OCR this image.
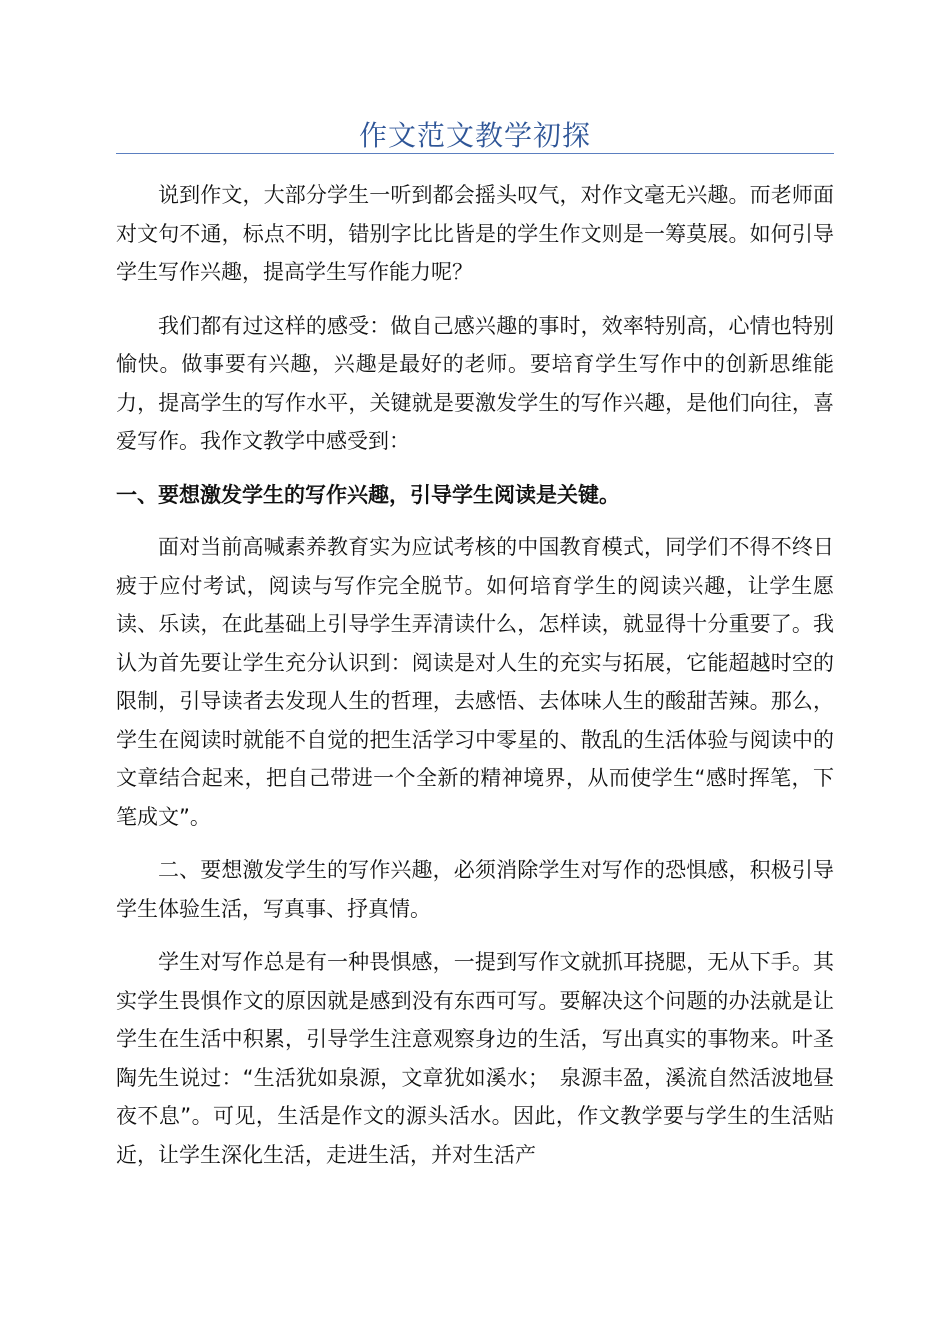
作文范文教学初探

说到作文，大部分学生一听到都会摇头叹气，对作文毫无兴趣。而老师面对文句不通，标点不明，错别字比比皆是的学生作文则是一筹莫展。如何引导学生写作兴趣，提高学生写作能力呢？

我们都有过这样的感受：做自己感兴趣的事时，效率特别高，心情也特别愉快。做事要有兴趣，兴趣是最好的老师。要培育学生写作中的创新思维能力，提高学生的写作水平，关键就是要激发学生的写作兴趣，是他们向往，喜爱写作。我作文教学中感受到：

一、要想激发学生的写作兴趣，引导学生阅读是关键。

面对当前高喊素养教育实为应试考核的中国教育模式，同学们不得不终日疲于应付考试，阅读与写作完全脱节。如何培育学生的阅读兴趣，让学生愿读、乐读，在此基础上引导学生弄清读什么，怎样读，就显得十分重要了。我认为首先要让学生充分认识到：阅读是对人生的充实与拓展，它能超越时空的限制，引导读者去发现人生的哲理，去感悟、去体味人生的酸甜苦辣。那么，学生在阅读时就能不自觉的把生活学习中零星的、散乱的生活体验与阅读中的文章结合起来，把自己带进一个全新的精神境界，从而使学生“感时挥笔，下笔成文”。

二、要想激发学生的写作兴趣，必须消除学生对写作的恐惧感，积极引导学生体验生活，写真事、抒真情。

学生对写作总是有一种畏惧感，一提到写作文就抓耳挠腮，无从下手。其实学生畏惧作文的原因就是感到没有东西可写。要解决这个问题的办法就是让学生在生活中积累，引导学生注意观察身边的生活，写出真实的事物来。叶圣陶先生说过：“生活犹如泉源，文章犹如溪水；　泉源丰盈，溪流自然活波地昼夜不息”。可见，生活是作文的源头活水。因此，作文教学要与学生的生活贴近，让学生深化生活，走进生活，并对生活产
